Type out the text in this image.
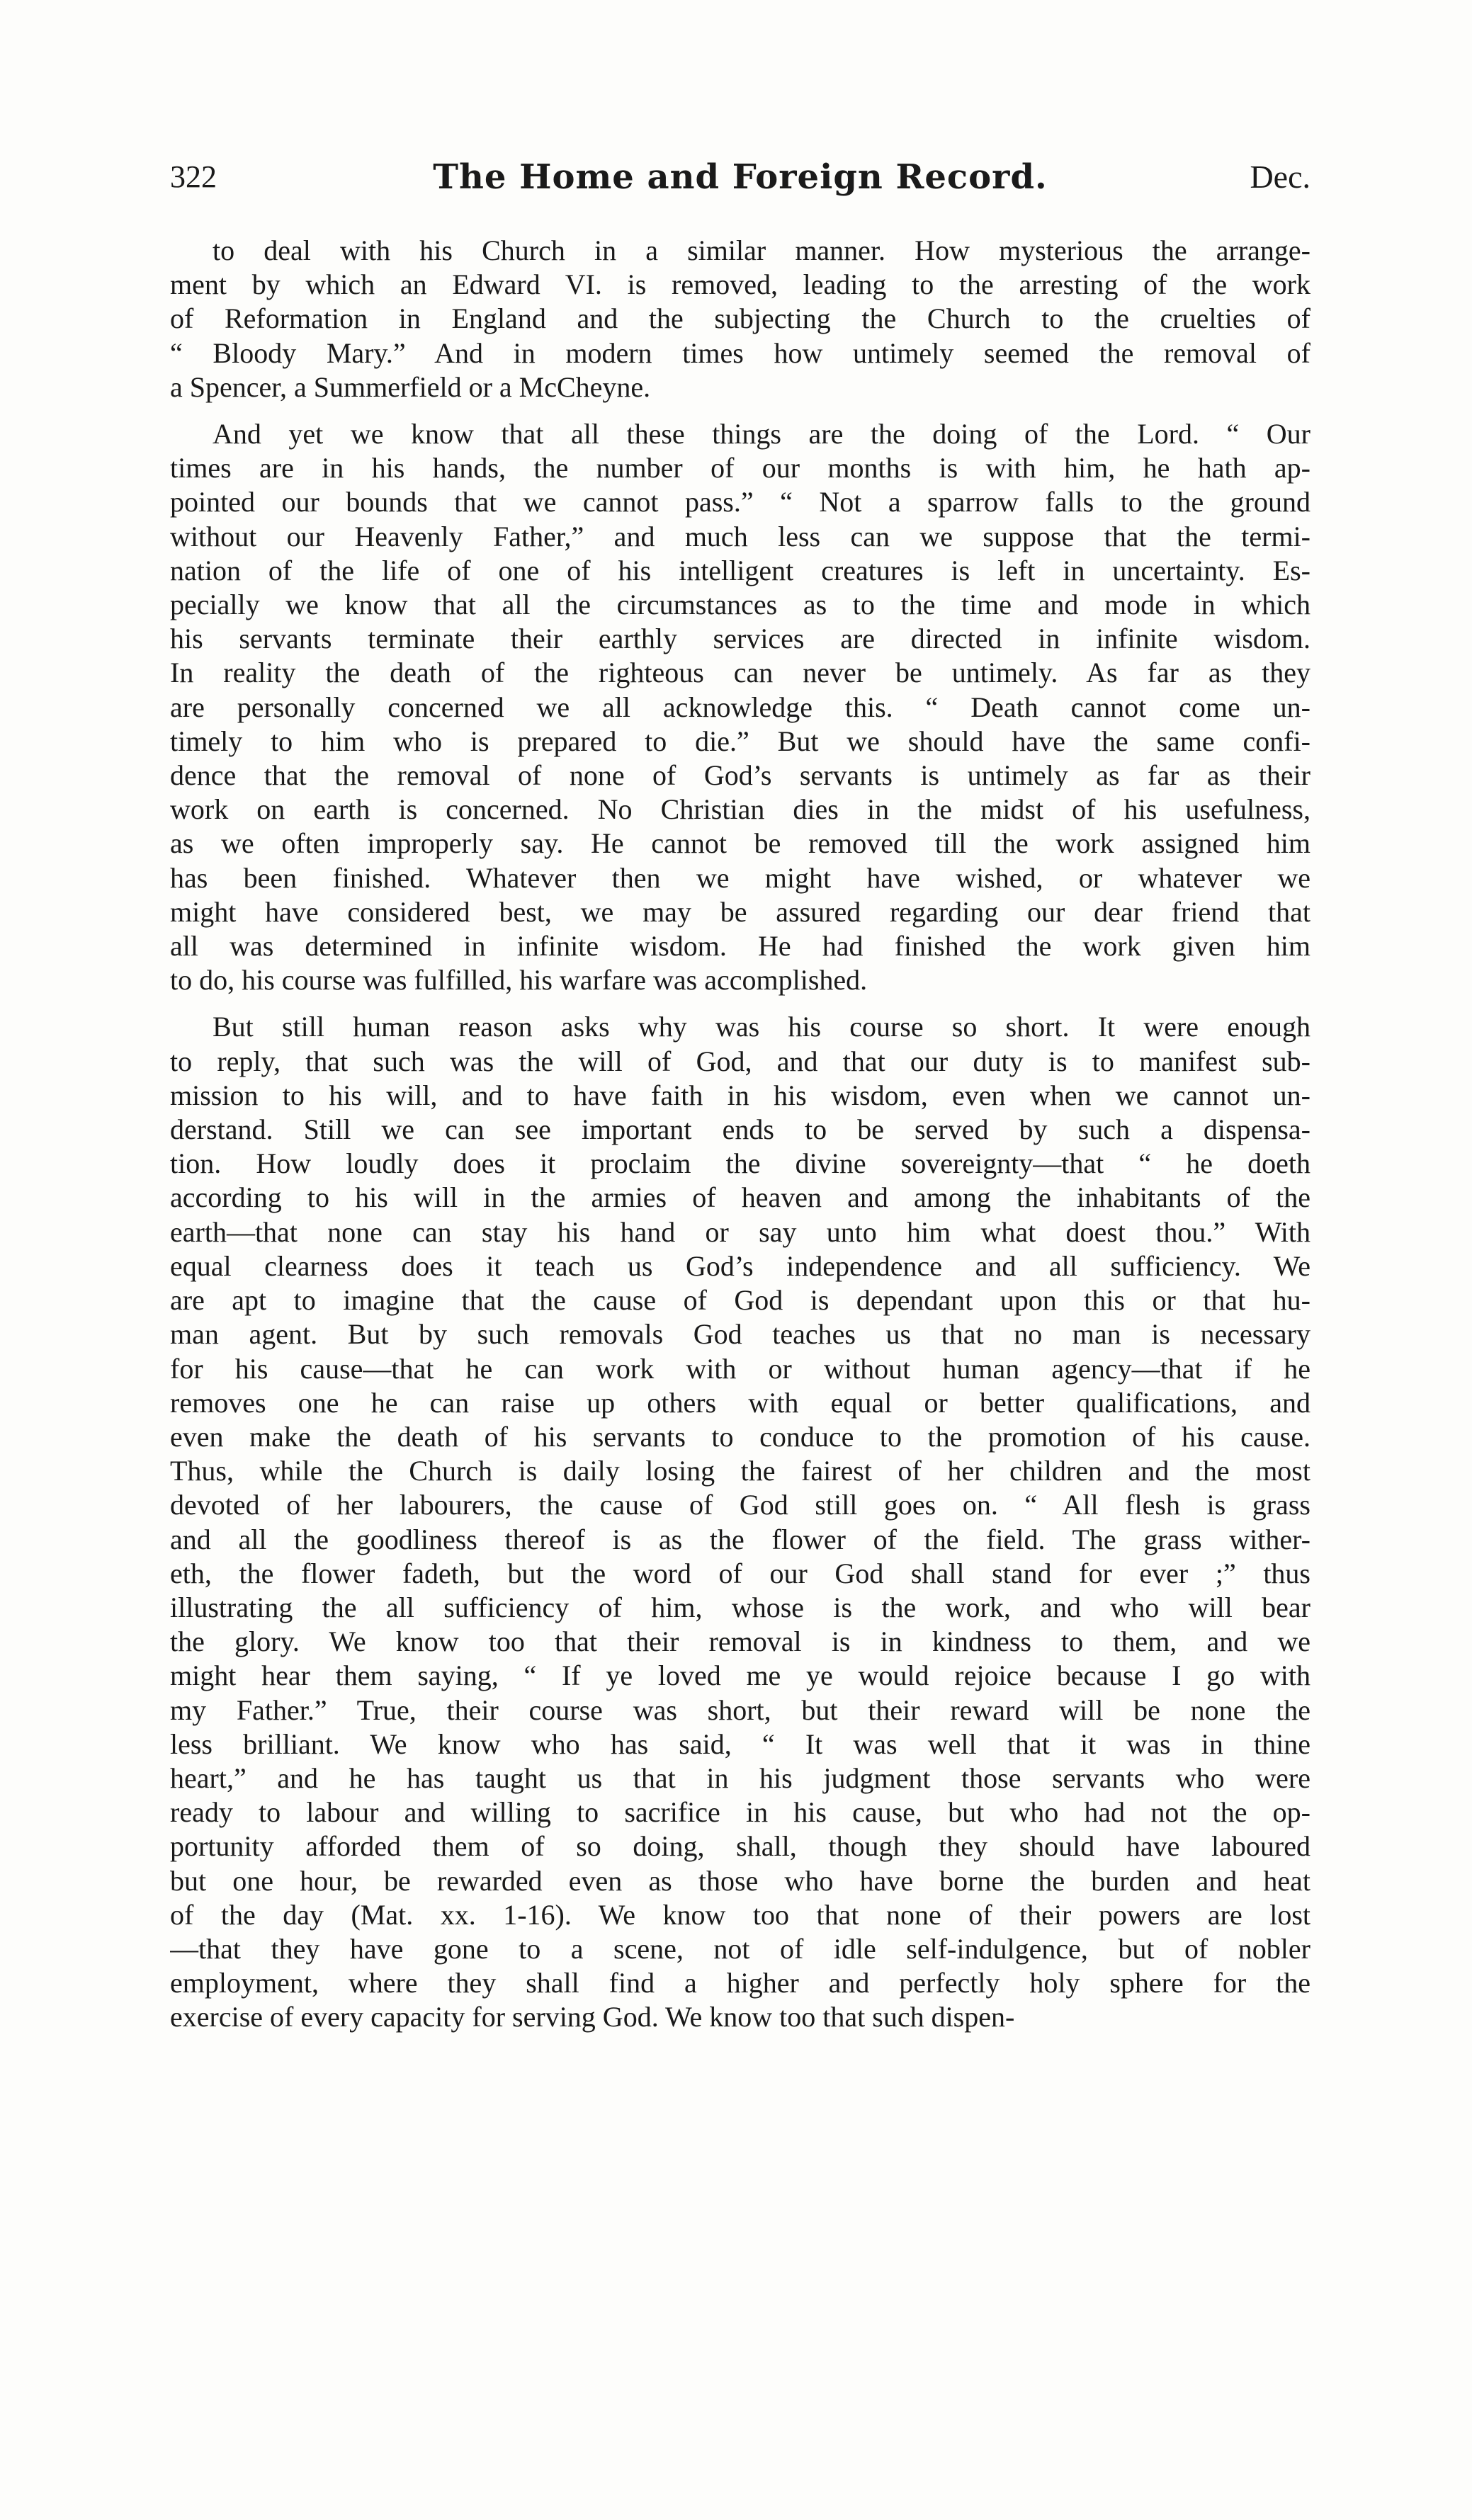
322	The Home and Foreign Record.	Dec.
to deal with his Church in a similar manner. How mysterious the arrange-
ment by which an Edward VI. is removed, leading to the arresting of the work
of Reformation in England and the subjecting the Church to the cruelties of
“ Bloody Mary.” And in modern times how untimely seemed the removal of
a Spencer, a Summerfield or a McCheyne.
And yet we know that all these things are the doing of the Lord. “ Our
times are in his hands, the number of our months is with him, he hath ap-
pointed our bounds that we cannot pass.” “ Not a sparrow falls to the ground
without our Heavenly Father,” and much less can we suppose that the termi-
nation of the life of one of his intelligent creatures is left in uncertainty. Es-
pecially we know that all the circumstances as to the time and mode in which
his servants terminate their earthly services are directed in infinite wisdom.
In reality the death of the righteous can never be untimely. As far as they
are personally concerned we all acknowledge this. “ Death cannot come un-
timely to him who is prepared to die.” But we should have the same confi-
dence that the removal of none of God’s servants is untimely as far as their
work on earth is concerned. No Christian dies in the midst of his usefulness,
as we often improperly say. He cannot be removed till the work assigned him
has been finished. Whatever then we might have wished, or whatever we
might have considered best, we may be assured regarding our dear friend that
all was determined in infinite wisdom. He had finished the work given him
to do, his course was fulfilled, his warfare was accomplished.
But still human reason asks why was his course so short. It were enough
to reply, that such was the will of God, and that our duty is to manifest sub-
mission to his will, and to have faith in his wisdom, even when we cannot un-
derstand. Still we can see important ends to be served by such a dispensa-
tion. How loudly does it proclaim the divine sovereignty—that “ he doeth
according to his will in the armies of heaven and among the inhabitants of the
earth—that none can stay his hand or say unto him what doest thou.” With
equal clearness does it teach us God’s independence and all sufficiency. We
are apt to imagine that the cause of God is dependant upon this or that hu-
man agent. But by such removals God teaches us that no man is necessary
for his cause—that he can work with or without human agency—that if he
removes one he can raise up others with equal or better qualifications, and
even make the death of his servants to conduce to the promotion of his cause.
Thus, while the Church is daily losing the fairest of her children and the most
devoted of her labourers, the cause of God still goes on. “ All flesh is grass
and all the goodliness thereof is as the flower of the field. The grass wither-
eth, the flower fadeth, but the word of our God shall stand for ever ;” thus
illustrating the all sufficiency of him, whose is the work, and who will bear
the glory. We know too that their removal is in kindness to them, and we
might hear them saying, “ If ye loved me ye would rejoice because I go with
my Father.” True, their course was short, but their reward will be none the
less brilliant. We know who has said, “ It was well that it was in thine
heart,” and he has taught us that in his judgment those servants who were
ready to labour and willing to sacrifice in his cause, but who had not the op-
portunity afforded them of so doing, shall, though they should have laboured
but one hour, be rewarded even as those who have borne the burden and heat
of the day (Mat. xx. 1-16). We know too that none of their powers are lost
—that they have gone to a scene, not of idle self-indulgence, but of nobler
employment, where they shall find a higher and perfectly holy sphere for the
exercise of every capacity for serving God. We know too that such dispen-
